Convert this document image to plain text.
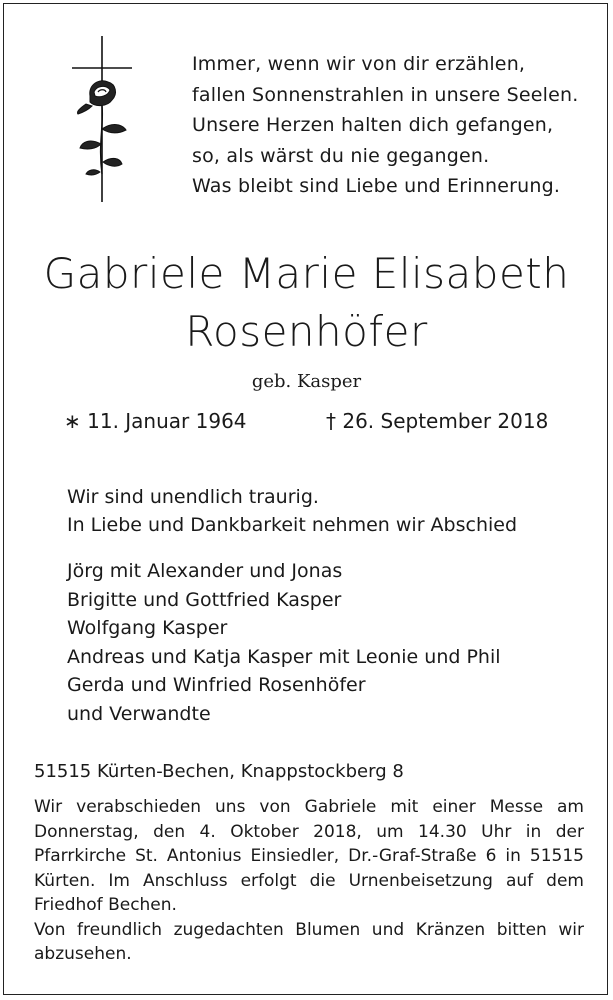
Immer, wenn wir von dir erzählen,
fallen Sonnenstrahlen in unsere Seelen.
Unsere Herzen halten dich gefangen,
so, als wärst du nie gegangen.
Was bleibt sind Liebe und Erinnerung.
Gabriele Marie Elisabeth
Rosenhöfer
geb. Kasper
∗ 11. Januar 1964	† 26. September 2018
Wir sind unendlich traurig.
In Liebe und Dankbarkeit nehmen wir Abschied
Jörg mit Alexander und Jonas
Brigitte und Gottfried Kasper
Wolfgang Kasper
Andreas und Katja Kasper mit Leonie und Phil
Gerda und Winfried Rosenhöfer
und Verwandte
51515 Kürten-Bechen, Knappstockberg 8
Wir verabschieden uns von Gabriele mit einer Messe am
Donnerstag, den 4. Oktober 2018, um 14.30 Uhr in der
Pfarrkirche St. Antonius Einsiedler, Dr.-Graf-Straße 6 in 51515
Kürten. Im Anschluss erfolgt die Urnenbeisetzung auf dem
Friedhof Bechen.
Von freundlich zugedachten Blumen und Kränzen bitten wir
abzusehen.
